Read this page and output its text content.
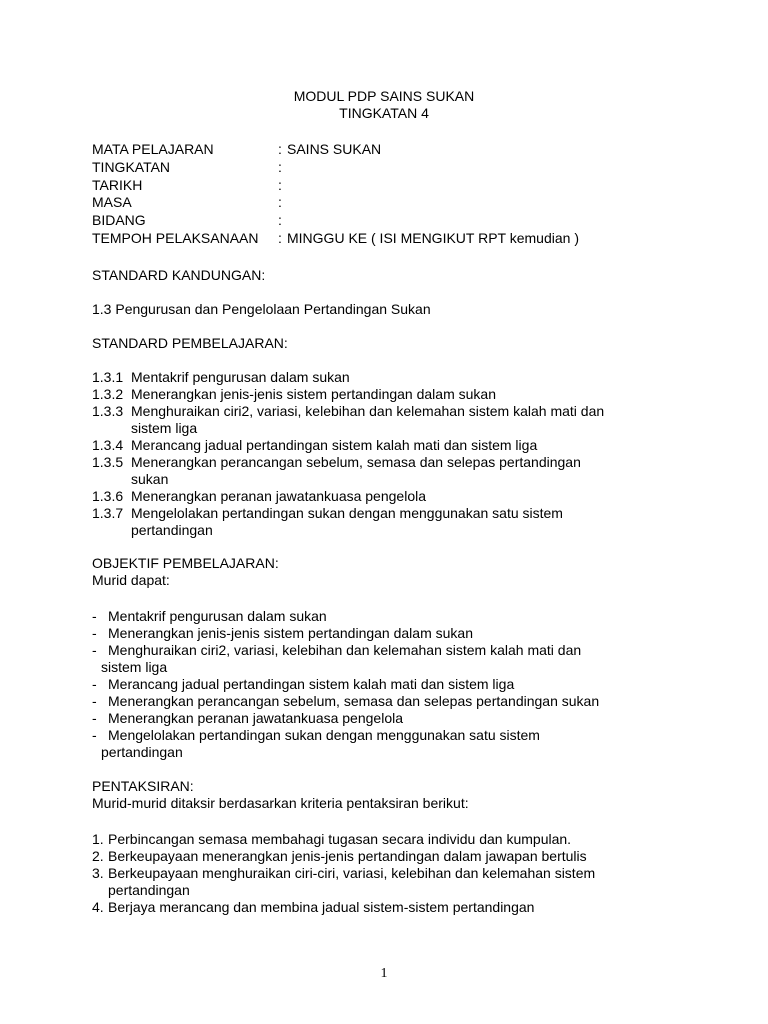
MODUL PDP SAINS SUKAN
TINGKATAN 4
MATA PELAJARAN	: SAINS SUKAN
TINGKATAN	:
TARIKH	:
MASA	:
BIDANG	:
TEMPOH PELAKSANAAN : MINGGU KE ( ISI MENGIKUT RPT kemudian )
STANDARD KANDUNGAN:
1.3 Pengurusan dan Pengelolaan Pertandingan Sukan
STANDARD PEMBELAJARAN:
1.3.1 Mentakrif pengurusan dalam sukan
1.3.2 Menerangkan jenis-jenis sistem pertandingan dalam sukan
1.3.3 Menghuraikan ciri2, variasi, kelebihan dan kelemahan sistem kalah mati dan
sistem liga
1.3.4 Merancang jadual pertandingan sistem kalah mati dan sistem liga
1.3.5 Menerangkan perancangan sebelum, semasa dan selepas pertandingan
sukan
1.3.6 Menerangkan peranan jawatankuasa pengelola
1.3.7 Mengelolakan pertandingan sukan dengan menggunakan satu sistem
pertandingan
OBJEKTIF PEMBELAJARAN:
Murid dapat:
- Mentakrif pengurusan dalam sukan
- Menerangkan jenis-jenis sistem pertandingan dalam sukan
- Menghuraikan ciri2, variasi, kelebihan dan kelemahan sistem kalah mati dan
sistem liga
- Merancang jadual pertandingan sistem kalah mati dan sistem liga
- Menerangkan perancangan sebelum, semasa dan selepas pertandingan sukan
- Menerangkan peranan jawatankuasa pengelola
- Mengelolakan pertandingan sukan dengan menggunakan satu sistem
pertandingan
PENTAKSIRAN:
Murid-murid ditaksir berdasarkan kriteria pentaksiran berikut:
1. Perbincangan semasa membahagi tugasan secara individu dan kumpulan.
2. Berkeupayaan menerangkan jenis-jenis pertandingan dalam jawapan bertulis
3. Berkeupayaan menghuraikan ciri-ciri, variasi, kelebihan dan kelemahan sistem
pertandingan
4. Berjaya merancang dan membina jadual sistem-sistem pertandingan
1
